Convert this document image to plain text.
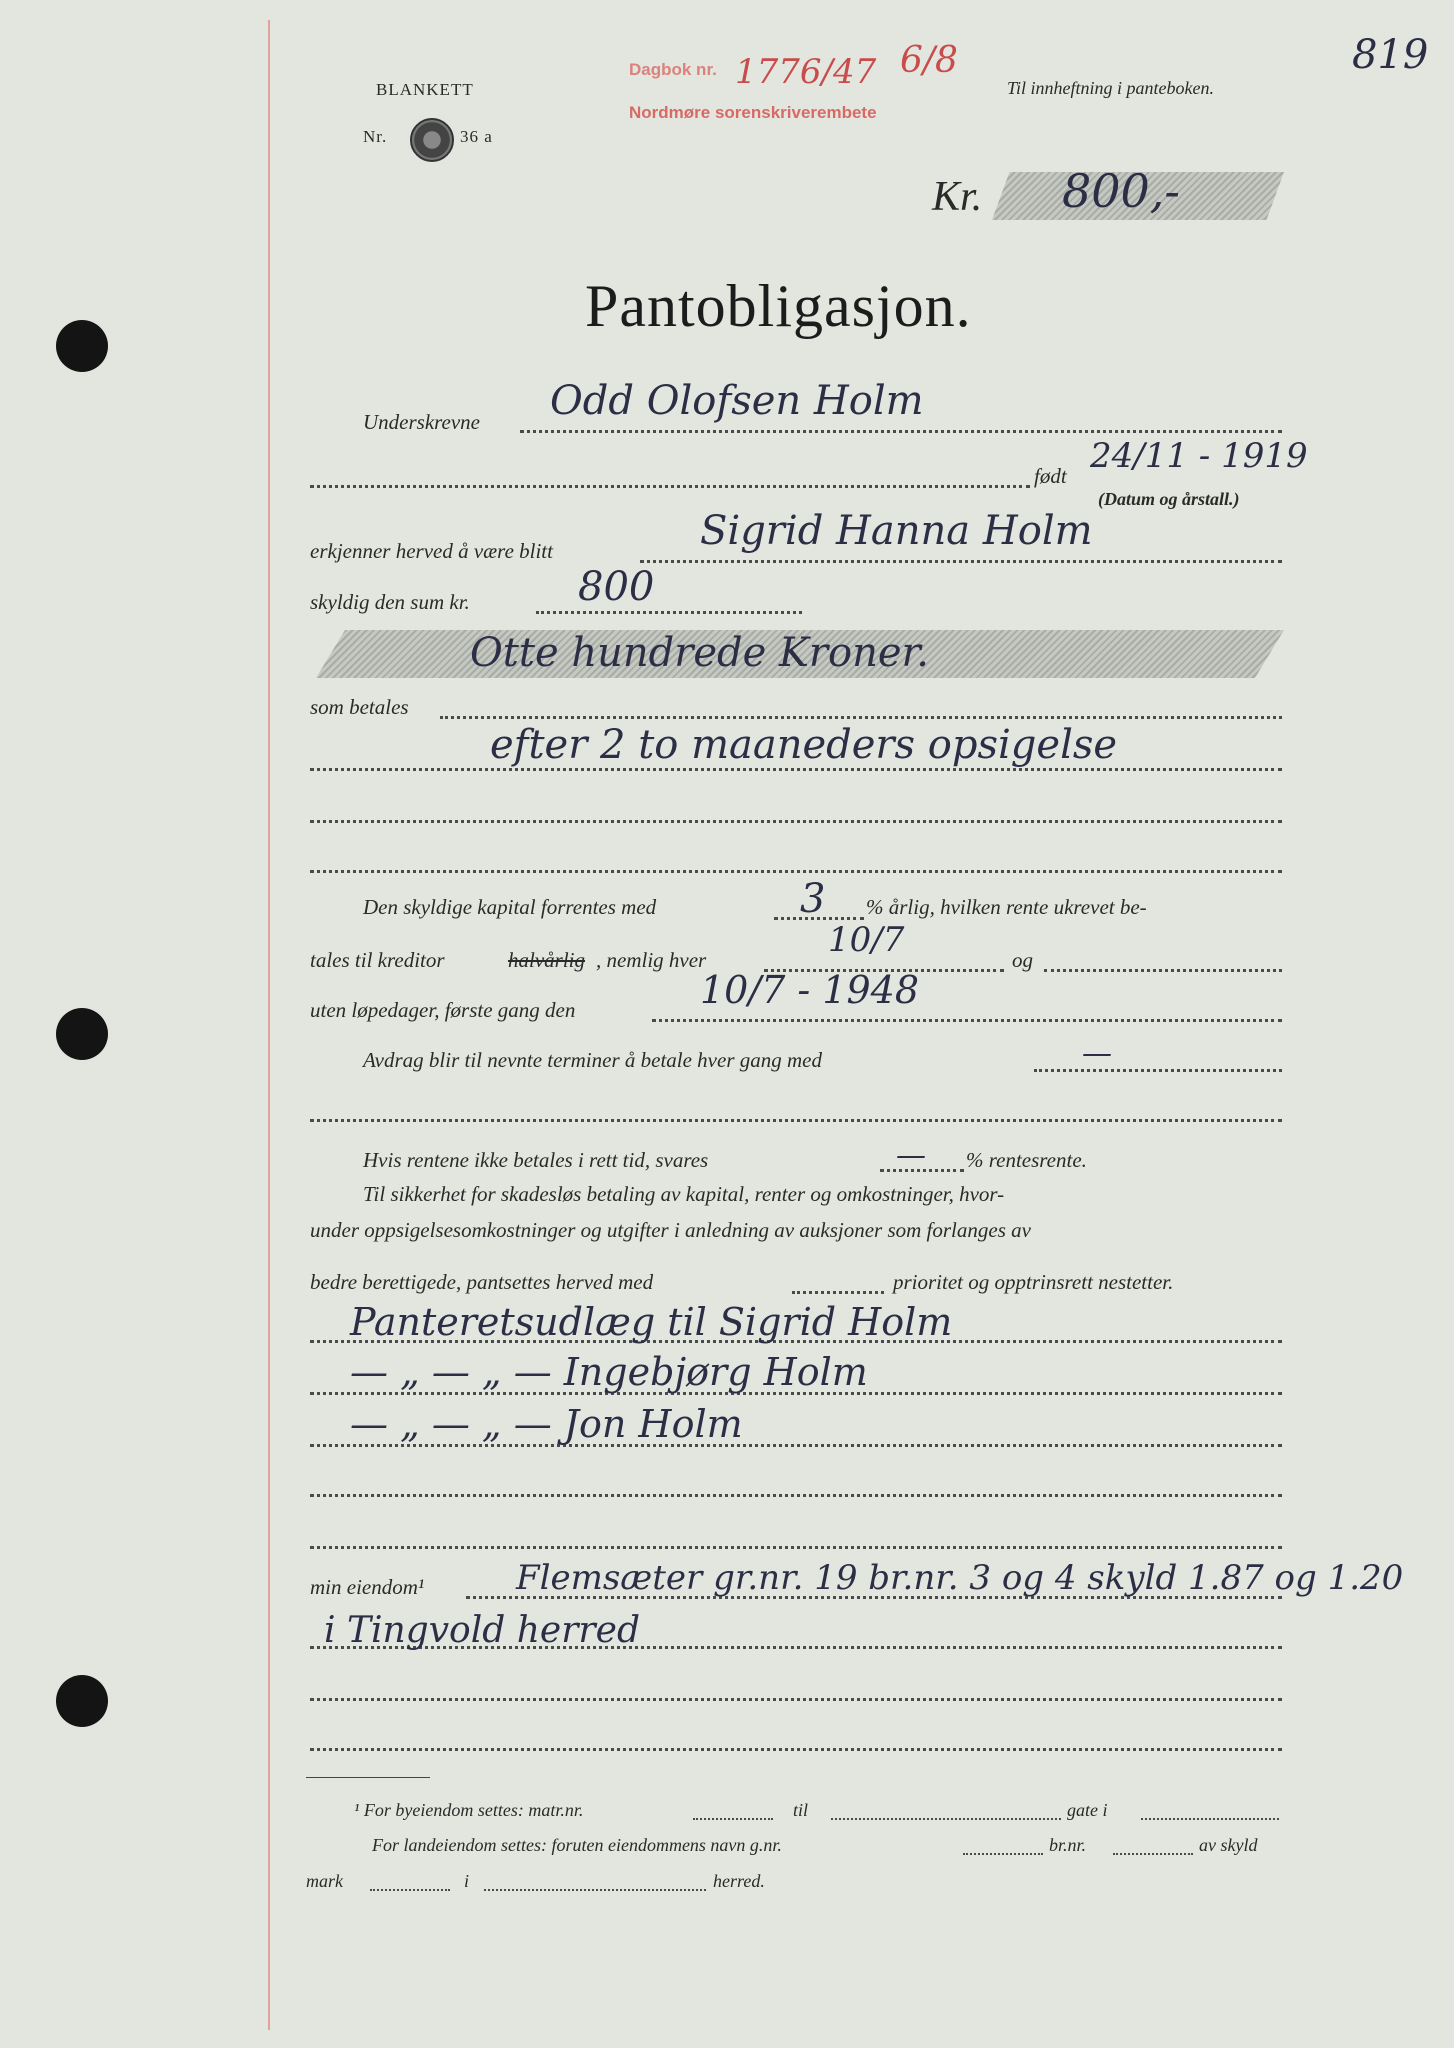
BLANKETT
Nr.	36 a
Dagbok nr.
Nordmøre sorenskriverembete
1776/47 6/8
Til innheftning i panteboken.
819
Kr. 800,-
Pantobligasjon.
Underskrevne Odd Olofsen Holm
født 24/11 - 1919
(Datum og årstall.)
erkjenner herved å være blitt	Sigrid Hanna Holm
skyldig den sum kr.	800
Otte hundrede Kroner.
som betales
efter 2 to maaneders opsigelse
Den skyldige kapital forrentes med	3 % årlig, hvilken rente ukrevet be-
tales til kreditor	halvårlig , nemlig hver	10/7	og
uten løpedager, første gang den	10/7 - 1948
Avdrag blir til nevnte terminer å betale hver gang med	—
Hvis rentene ikke betales i rett tid, svares	— % rentesrente.
Til sikkerhet for skadesløs betaling av kapital, renter og omkostninger, hvor-
under oppsigelsesomkostninger og utgifter i anledning av auksjoner som forlanges av
bedre berettigede, pantsettes herved med	prioritet og opptrinsrett nestetter.
Panteretsudlæg til Sigrid Holm
— „ — „ — Ingebjørg Holm
— „ — „ — Jon Holm
min eiendom¹	Flemsæter gr.nr. 19 br.nr. 3 og 4 skyld 1.87 og 1.20
i Tingvold herred
¹ For byeiendom settes: matr.nr.	til	gate i
For landeiendom settes: foruten eiendommens navn g.nr.	br.nr.	av skyld
mark	i	herred.
